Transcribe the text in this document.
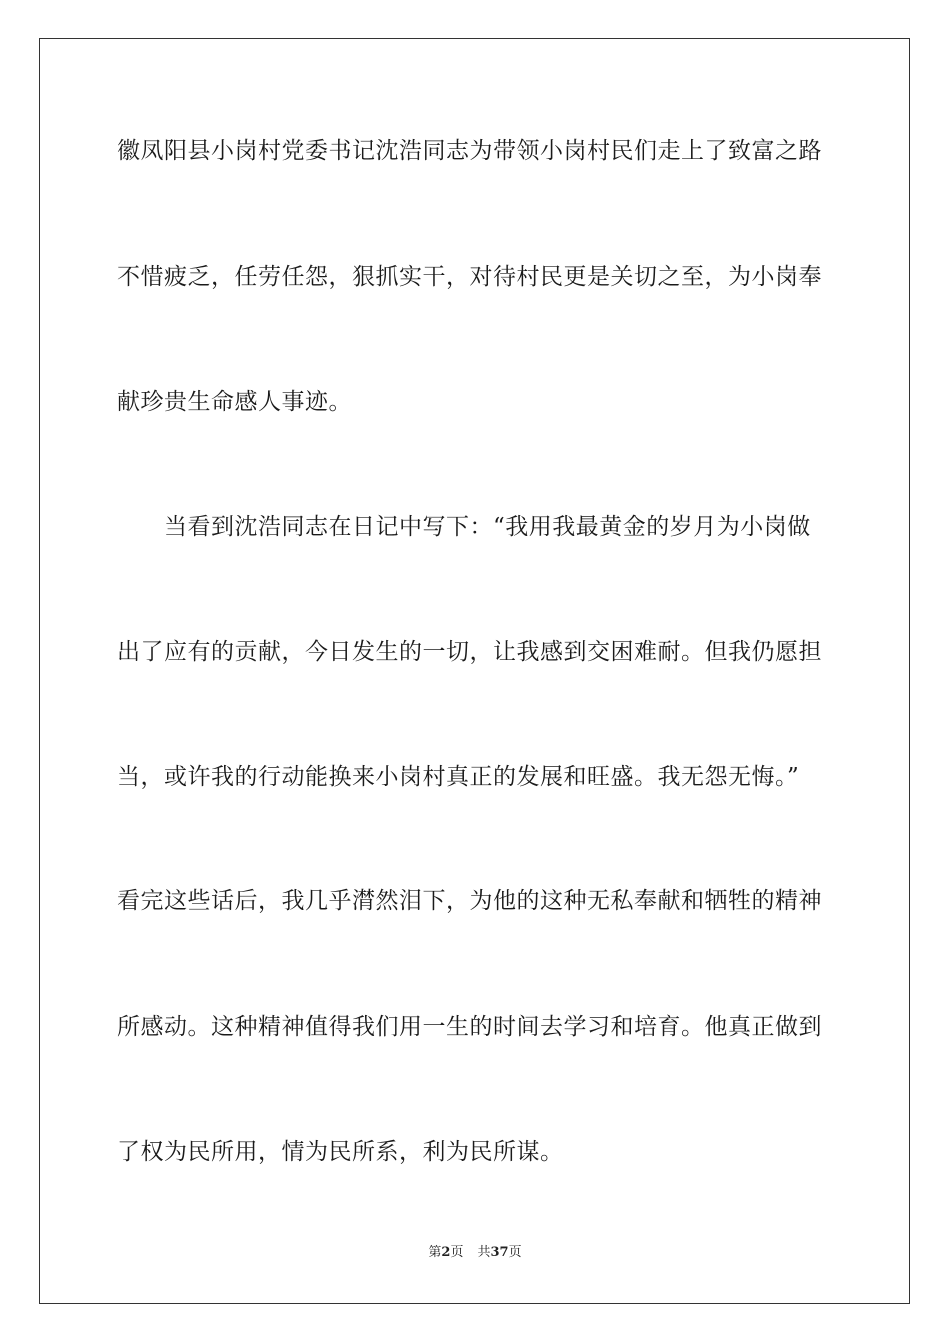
徽凤阳县小岗村党委书记沈浩同志为带领小岗村民们走上了致富之路
不惜疲乏，任劳任怨，狠抓实干，对待村民更是关切之至，为小岗奉
献珍贵生命感人事迹。
　　当看到沈浩同志在日记中写下：“我用我最黄金的岁月为小岗做
出了应有的贡献，今日发生的一切，让我感到交困难耐。但我仍愿担
当，或许我的行动能换来小岗村真正的发展和旺盛。我无怨无悔。”
看完这些话后，我几乎潸然泪下，为他的这种无私奉献和牺牲的精神
所感动。这种精神值得我们用一生的时间去学习和培育。他真正做到
了权为民所用，情为民所系，利为民所谋。
第2页 共37页
